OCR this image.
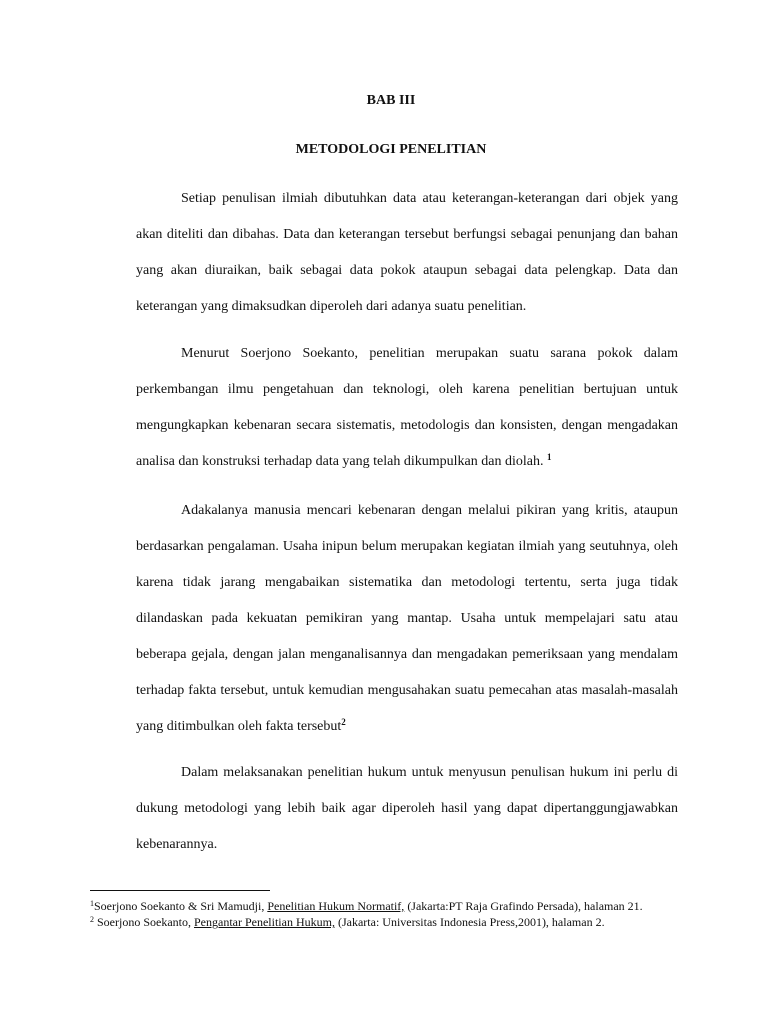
BAB III
METODOLOGI PENELITIAN

Setiap penulisan ilmiah dibutuhkan data atau keterangan-keterangan dari objek yang akan diteliti dan dibahas. Data dan keterangan tersebut berfungsi sebagai penunjang dan bahan yang akan diuraikan, baik sebagai data pokok ataupun sebagai data pelengkap. Data dan keterangan yang dimaksudkan diperoleh dari adanya suatu penelitian.

Menurut Soerjono Soekanto, penelitian merupakan suatu sarana pokok dalam perkembangan ilmu pengetahuan dan teknologi, oleh karena penelitian bertujuan untuk mengungkapkan kebenaran secara sistematis, metodologis dan konsisten, dengan mengadakan analisa dan konstruksi terhadap data yang telah dikumpulkan dan diolah. $^1$

Adakalanya manusia mencari kebenaran dengan melalui pikiran yang kritis, ataupun berdasarkan pengalaman. Usaha inipun belum merupakan kegiatan ilmiah yang seutuhnya, oleh karena tidak jarang mengabaikan sistematika dan metodologi tertentu, serta juga tidak dilandaskan pada kekuatan pemikiran yang mantap. Usaha untuk mempelajari satu atau beberapa gejala, dengan jalan menganalisannya dan mengadakan pemeriksaan yang mendalam terhadap fakta tersebut, untuk kemudian mengusahakan suatu pemecahan atas masalah-masalah yang ditimbulkan oleh fakta tersebut$^2$

Dalam melaksanakan penelitian hukum untuk menyusun penulisan hukum ini perlu di dukung metodologi yang lebih baik agar diperoleh hasil yang dapat dipertanggungjawabkan kebenarannya.

$^1$Soerjono Soekanto & Sri Mamudji, Penelitian Hukum Normatif, (Jakarta:PT Raja Grafindo Persada), halaman 21.

$^2$ Soerjono Soekanto, Pengantar Penelitian Hukum, (Jakarta: Universitas Indonesia Press,2001), halaman 2.
